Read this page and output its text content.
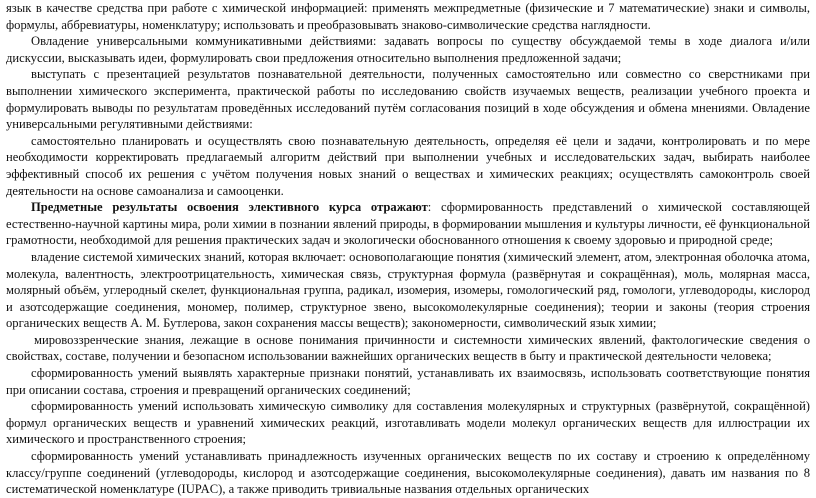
язык в качестве средства при работе с химической информацией: применять межпредметные (физические и 7 математические) знаки и символы, формулы, аббревиатуры, номенклатуру; использовать и преобразовывать знаково-символические средства наглядности.

Овладение универсальными коммуникативными действиями: задавать вопросы по существу обсуждаемой темы в ходе диалога и/или дискуссии, высказывать идеи, формулировать свои предложения относительно выполнения предложенной задачи;

выступать с презентацией результатов познавательной деятельности, полученных самостоятельно или совместно со сверстниками при выполнении химического эксперимента, практической работы по исследованию свойств изучаемых веществ, реализации учебного проекта и формулировать выводы по результатам проведённых исследований путём согласования позиций в ходе обсуждения и обмена мнениями. Овладение универсальными регулятивными действиями:

самостоятельно планировать и осуществлять свою познавательную деятельность, определяя её цели и задачи, контролировать и по мере необходимости корректировать предлагаемый алгоритм действий при выполнении учебных и исследовательских задач, выбирать наиболее эффективный способ их решения с учётом получения новых знаний о веществах и химических реакциях; осуществлять самоконтроль своей деятельности на основе самоанализа и самооценки.

Предметные результаты освоения элективного курса отражают: сформированность представлений о химической составляющей естественно-научной картины мира, роли химии в познании явлений природы, в формировании мышления и культуры личности, её функциональной грамотности, необходимой для решения практических задач и экологически обоснованного отношения к своему здоровью и природной среде;

владение системой химических знаний, которая включает: основополагающие понятия (химический элемент, атом, электронная оболочка атома, молекула, валентность, электроотрицательность, химическая связь, структурная формула (развёрнутая и сокращённая), моль, молярная масса, молярный объём, углеродный скелет, функциональная группа, радикал, изомерия, изомеры, гомологический ряд, гомологи, углеводороды, кислород и азотсодержащие соединения, мономер, полимер, структурное звено, высокомолекулярные соединения); теории и законы (теория строения органических веществ А. М. Бутлерова, закон сохранения массы веществ); закономерности, символический язык химии;

мировоззренческие знания, лежащие в основе понимания причинности и системности химических явлений, фактологические сведения о свойствах, составе, получении и безопасном использовании важнейших органических веществ в быту и практической деятельности человека;

сформированность умений выявлять характерные признаки понятий, устанавливать их взаимосвязь, использовать соответствующие понятия при описании состава, строения и превращений органических соединений;

сформированность умений использовать химическую символику для составления молекулярных и структурных (развёрнутой, сокращённой) формул органических веществ и уравнений химических реакций, изготавливать модели молекул органических веществ для иллюстрации их химического и пространственного строения;

сформированность умений устанавливать принадлежность изученных органических веществ по их составу и строению к определённому классу/группе соединений (углеводороды, кислород и азотсодержащие соединения, высокомолекулярные соединения), давать им названия по 8 систематической номенклатуре (IUPAC), а также приводить тривиальные названия отдельных органических
